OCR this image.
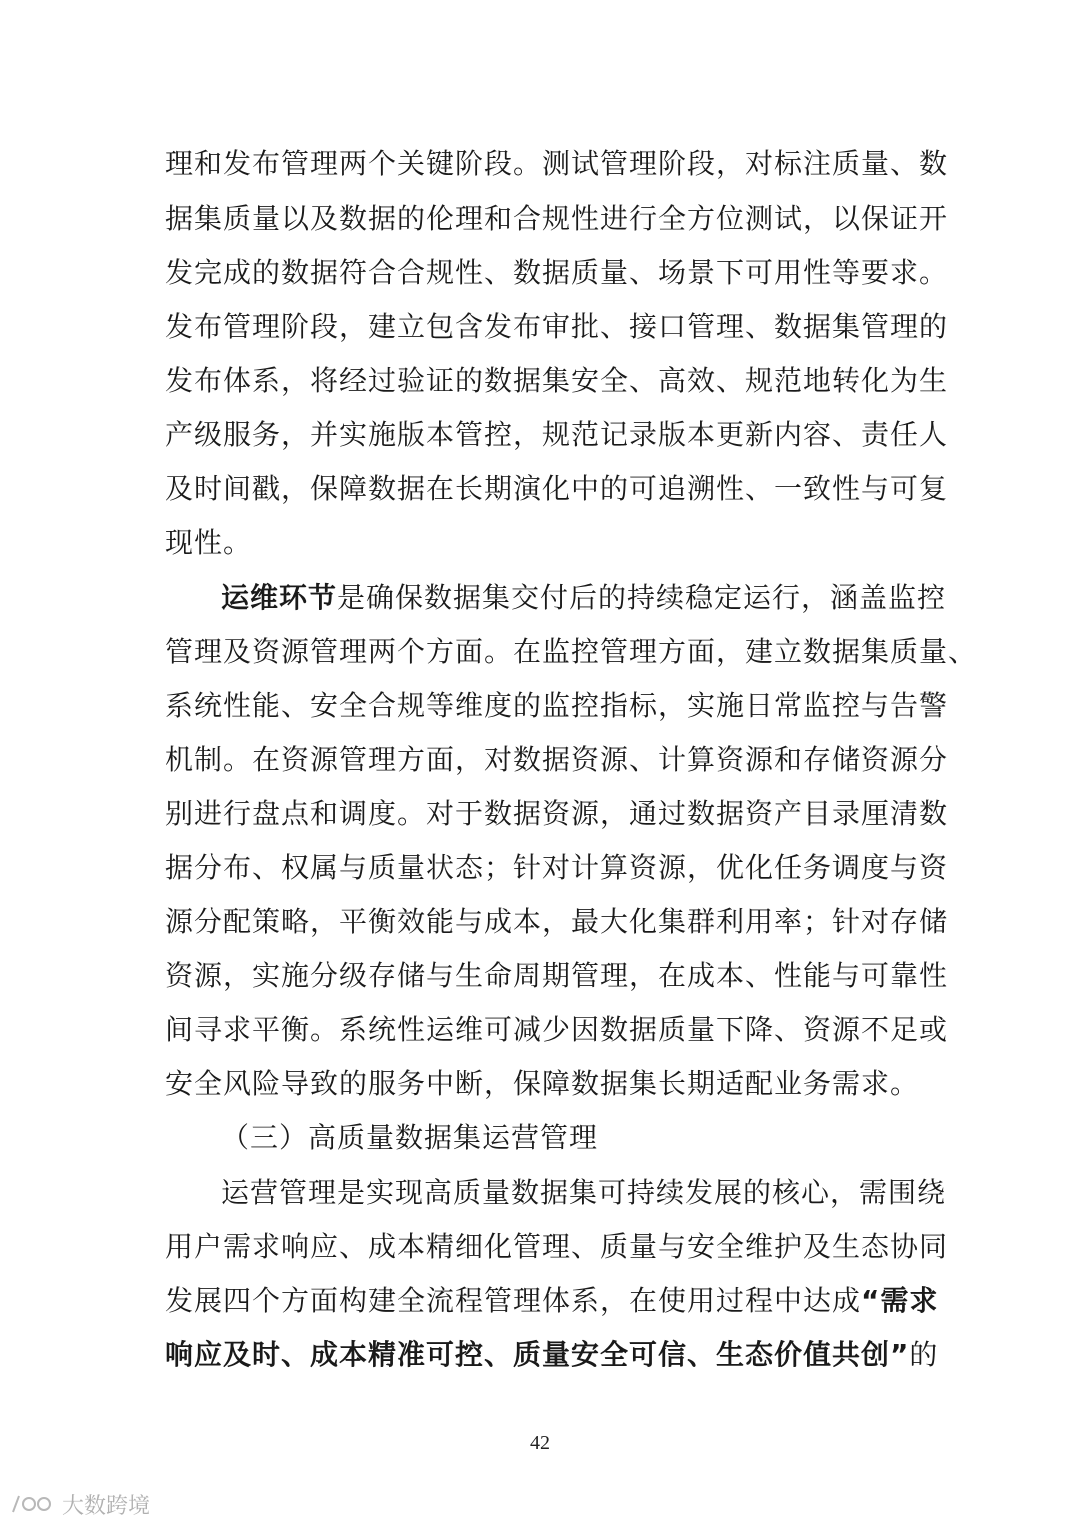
理和发布管理两个关键阶段。测试管理阶段，对标注质量、数
据集质量以及数据的伦理和合规性进行全方位测试，以保证开
发完成的数据符合合规性、数据质量、场景下可用性等要求。
发布管理阶段，建立包含发布审批、接口管理、数据集管理的
发布体系，将经过验证的数据集安全、高效、规范地转化为生
产级服务，并实施版本管控，规范记录版本更新内容、责任人
及时间戳，保障数据在长期演化中的可追溯性、一致性与可复
现性。
运维环节是确保数据集交付后的持续稳定运行，涵盖监控
管理及资源管理两个方面。在监控管理方面，建立数据集质量、
系统性能、安全合规等维度的监控指标，实施日常监控与告警
机制。在资源管理方面，对数据资源、计算资源和存储资源分
别进行盘点和调度。对于数据资源，通过数据资产目录厘清数
据分布、权属与质量状态；针对计算资源，优化任务调度与资
源分配策略，平衡效能与成本，最大化集群利用率；针对存储
资源，实施分级存储与生命周期管理，在成本、性能与可靠性
间寻求平衡。系统性运维可减少因数据质量下降、资源不足或
安全风险导致的服务中断，保障数据集长期适配业务需求。
（三）高质量数据集运营管理
运营管理是实现高质量数据集可持续发展的核心，需围绕
用户需求响应、成本精细化管理、质量与安全维护及生态协同
发展四个方面构建全流程管理体系，在使用过程中达成“需求
响应及时、成本精准可控、质量安全可信、生态价值共创”的
42
大数跨境
